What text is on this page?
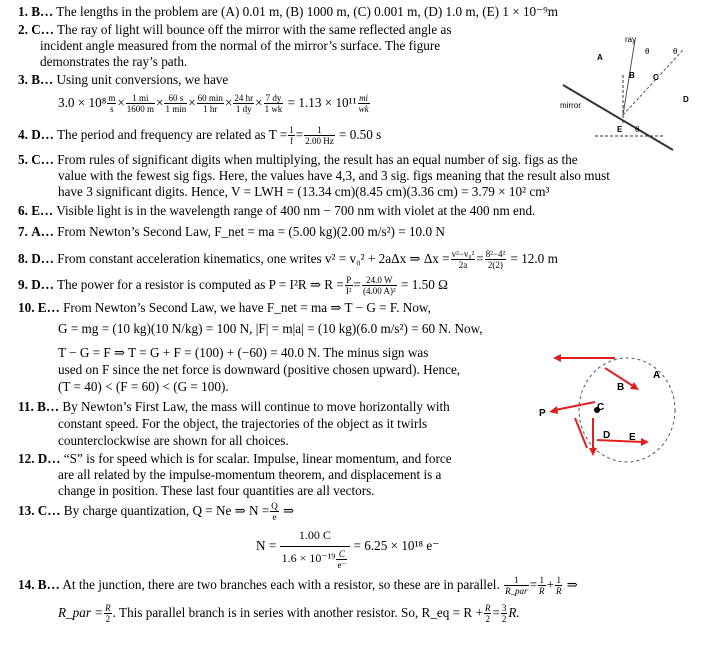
1. B… The lengths in the problem are (A) 0.01 m, (B) 1000 m, (C) 0.001 m, (D) 1.0 m, (E) 1 × 10⁻⁹m
2. C… The ray of light will bounce off the mirror with the same reflected angle as
incident angle measured from the normal of the mirror’s surface. The figure
demonstrates the ray’s path.
3. B… Using unit conversions, we have
$3.0 \times 10^8 \frac{m}{s} \times \frac{1 mi}{1600 m} \times \frac{60 s}{1 \min} \times \frac{60 \min}{1 hr} \times \frac{24 hr}{1 dy} \times \frac{7 dy}{1 wk} = 1.13 \times 10^{11} \frac{mi}{wk}$
4. D… The period and frequency are related as $T = \frac{1}{f} = \frac{1}{2.00 Hz} = 0.50$ s
ray
θ	θ
mirror
A
B C
D
E θ
5. C… From rules of significant digits when multiplying, the result has an equal number of sig. figs as the
value with the fewest sig figs. Here, the values have 4,3, and 3 sig. figs meaning that the result also must
have 3 significant digits. Hence, V = LWH = (13.34 cm)(8.45 cm)(3.36 cm) = 3.79 × 10² cm³
6. E… Visible light is in the wavelength range of 400 nm − 700 nm with violet at the 400 nm end.
7. A… From Newton’s Second Law, F_net = ma = (5.00 kg)(2.00 m/s²) = 10.0 N
8. D… From constant acceleration kinematics, one writes v² = v₀² + 2aΔx ⇒ $\Delta x = \frac{\text{v²−v₀²}}{2a} = \frac{\text{8²−4²}}{2(2)} = 12.0$ m
9. D… The power for a resistor is computed as P = I²R ⇒ $R = \frac{P}{\text{I²}} = \frac{24.0 W}{\text{(4.00 A)²}} = 1.50$ Ω
10. E… From Newton’s Second Law, we have F_net = ma ⇒ T − G = F. Now,
G = mg = (10 kg)(10 N/kg) = 100 N, |F| = m|a| = (10 kg)(6.0 m/s²) = 60 N. Now,
T − G = F ⇒ T = G + F = (100) + (−60) = 40.0 N. The minus sign was
used on F since the net force is downward (positive chosen upward). Hence,
(T = 40) < (F = 60) < (G = 100).
11. B… By Newton’s First Law, the mass will continue to move horizontally with
constant speed. For the object, the trajectories of the object as it twirls
counterclockwise are shown for all choices.
A
B
C
D E
P
12. D… “S” is for speed which is for scalar. Impulse, linear momentum, and force
are all related by the impulse-momentum theorem, and displacement is a
change in position. These last four quantities are all vectors.
13. C… By charge quantization, Q = Ne ⇒ $N = \frac{Q}{e}$ ⇒
$N = \frac{1.00 C}{1.6 \times 10^{-19} \frac{C}{e^-}} = 6.25 \times 10^{18}$ e⁻
14. B… At the junction, there are two branches each with a resistor, so these are in parallel. $\frac{1}{\text{R\_par}} = \frac{1}{R} + \frac{1}{R}$ ⇒
R_par = $\frac{R}{2}$ . This parallel branch is in series with another resistor. So, R_eq = $R + \frac{R}{2} = \frac{3}{2} R$.
